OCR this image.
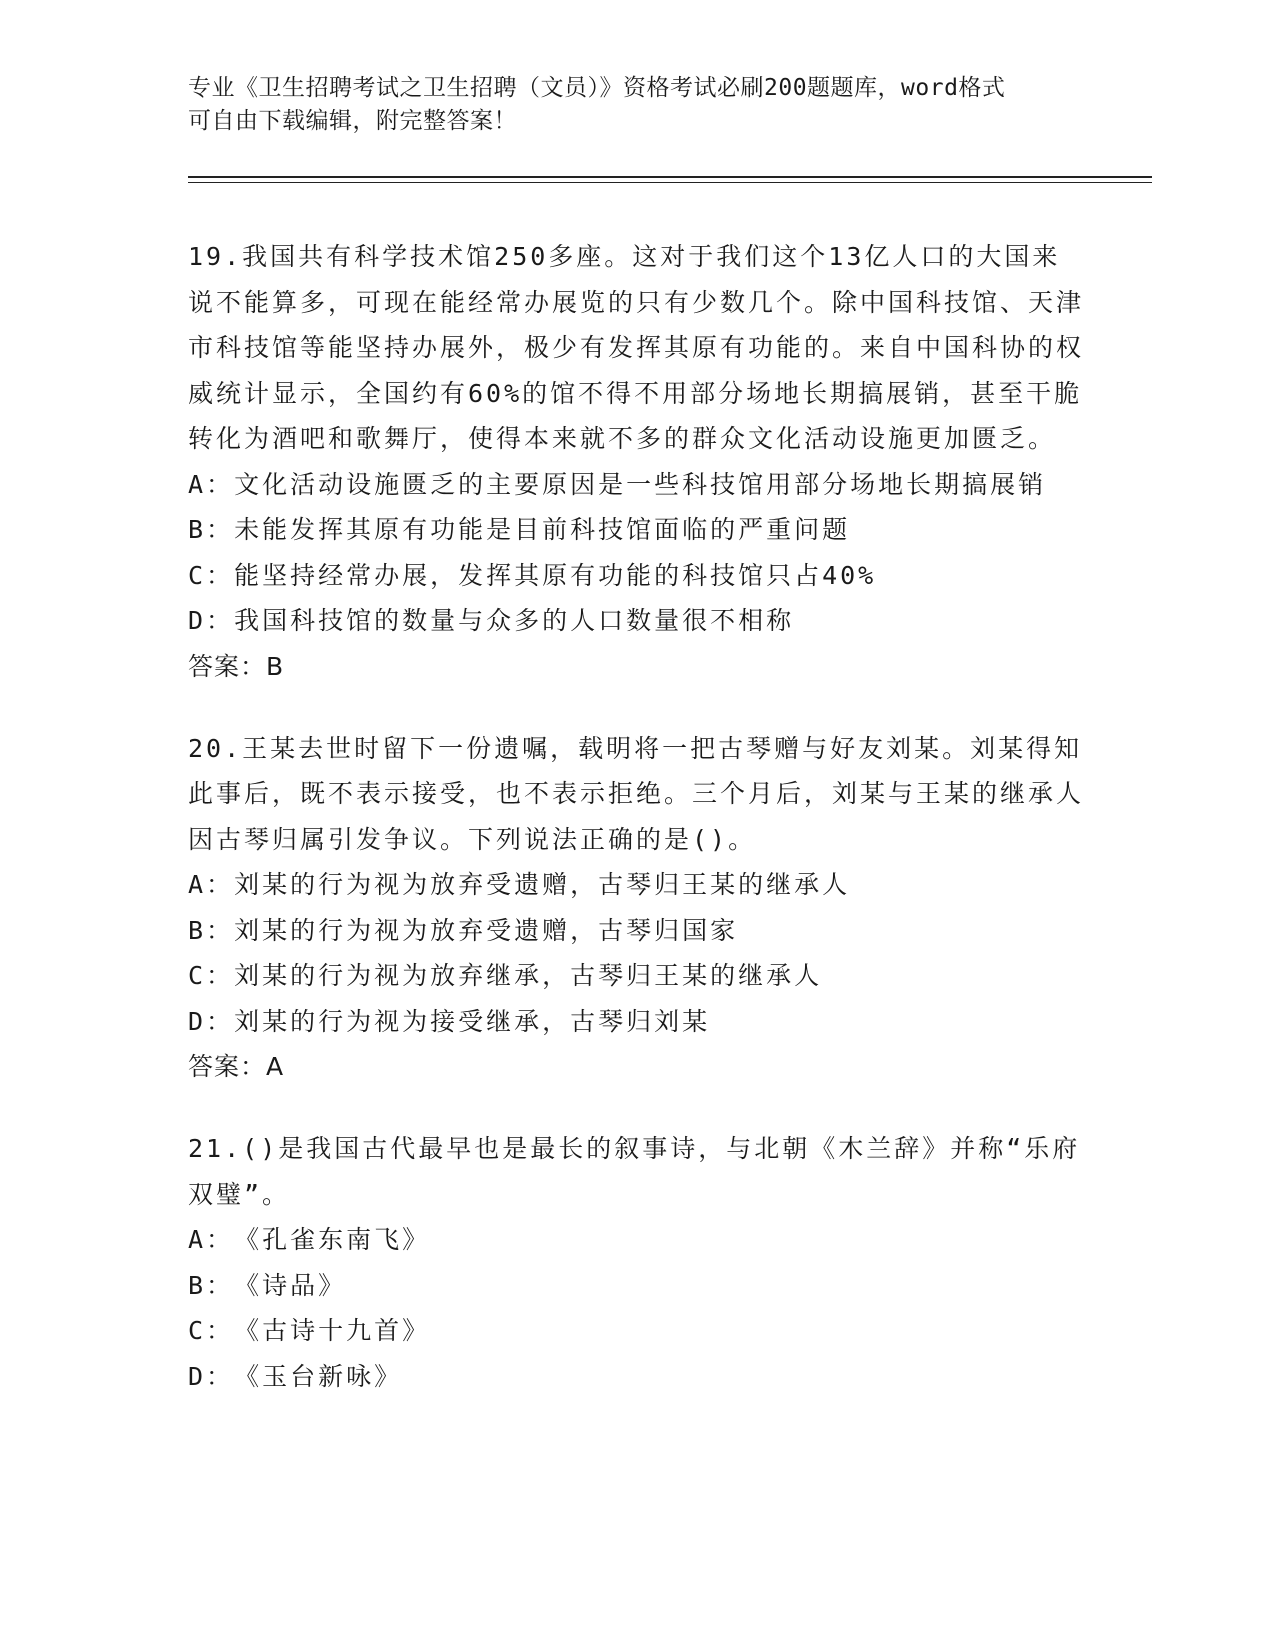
专业《卫生招聘考试之卫生招聘（文员）》资格考试必刷200题题库，word格式
可自由下载编辑，附完整答案！
19.我国共有科学技术馆250多座。这对于我们这个13亿人口的大国来说不能算多，可现在能经常办展览的只有少数几个。除中国科技馆、天津市科技馆等能坚持办展外，极少有发挥其原有功能的。来自中国科协的权威统计显示，全国约有60%的馆不得不用部分场地长期搞展销，甚至干脆转化为酒吧和歌舞厅，使得本来就不多的群众文化活动设施更加匮乏。
A：文化活动设施匮乏的主要原因是一些科技馆用部分场地长期搞展销
B：未能发挥其原有功能是目前科技馆面临的严重问题
C：能坚持经常办展，发挥其原有功能的科技馆只占40%
D：我国科技馆的数量与众多的人口数量很不相称
答案：B
20.王某去世时留下一份遗嘱，载明将一把古琴赠与好友刘某。刘某得知此事后，既不表示接受，也不表示拒绝。三个月后，刘某与王某的继承人因古琴归属引发争议。下列说法正确的是()。
A：刘某的行为视为放弃受遗赠，古琴归王某的继承人
B：刘某的行为视为放弃受遗赠，古琴归国家
C：刘某的行为视为放弃继承，古琴归王某的继承人
D：刘某的行为视为接受继承，古琴归刘某
答案：A
21.()是我国古代最早也是最长的叙事诗，与北朝《木兰辞》并称“乐府双璧”。
A：《孔雀东南飞》
B：《诗品》
C：《古诗十九首》
D：《玉台新咏》
